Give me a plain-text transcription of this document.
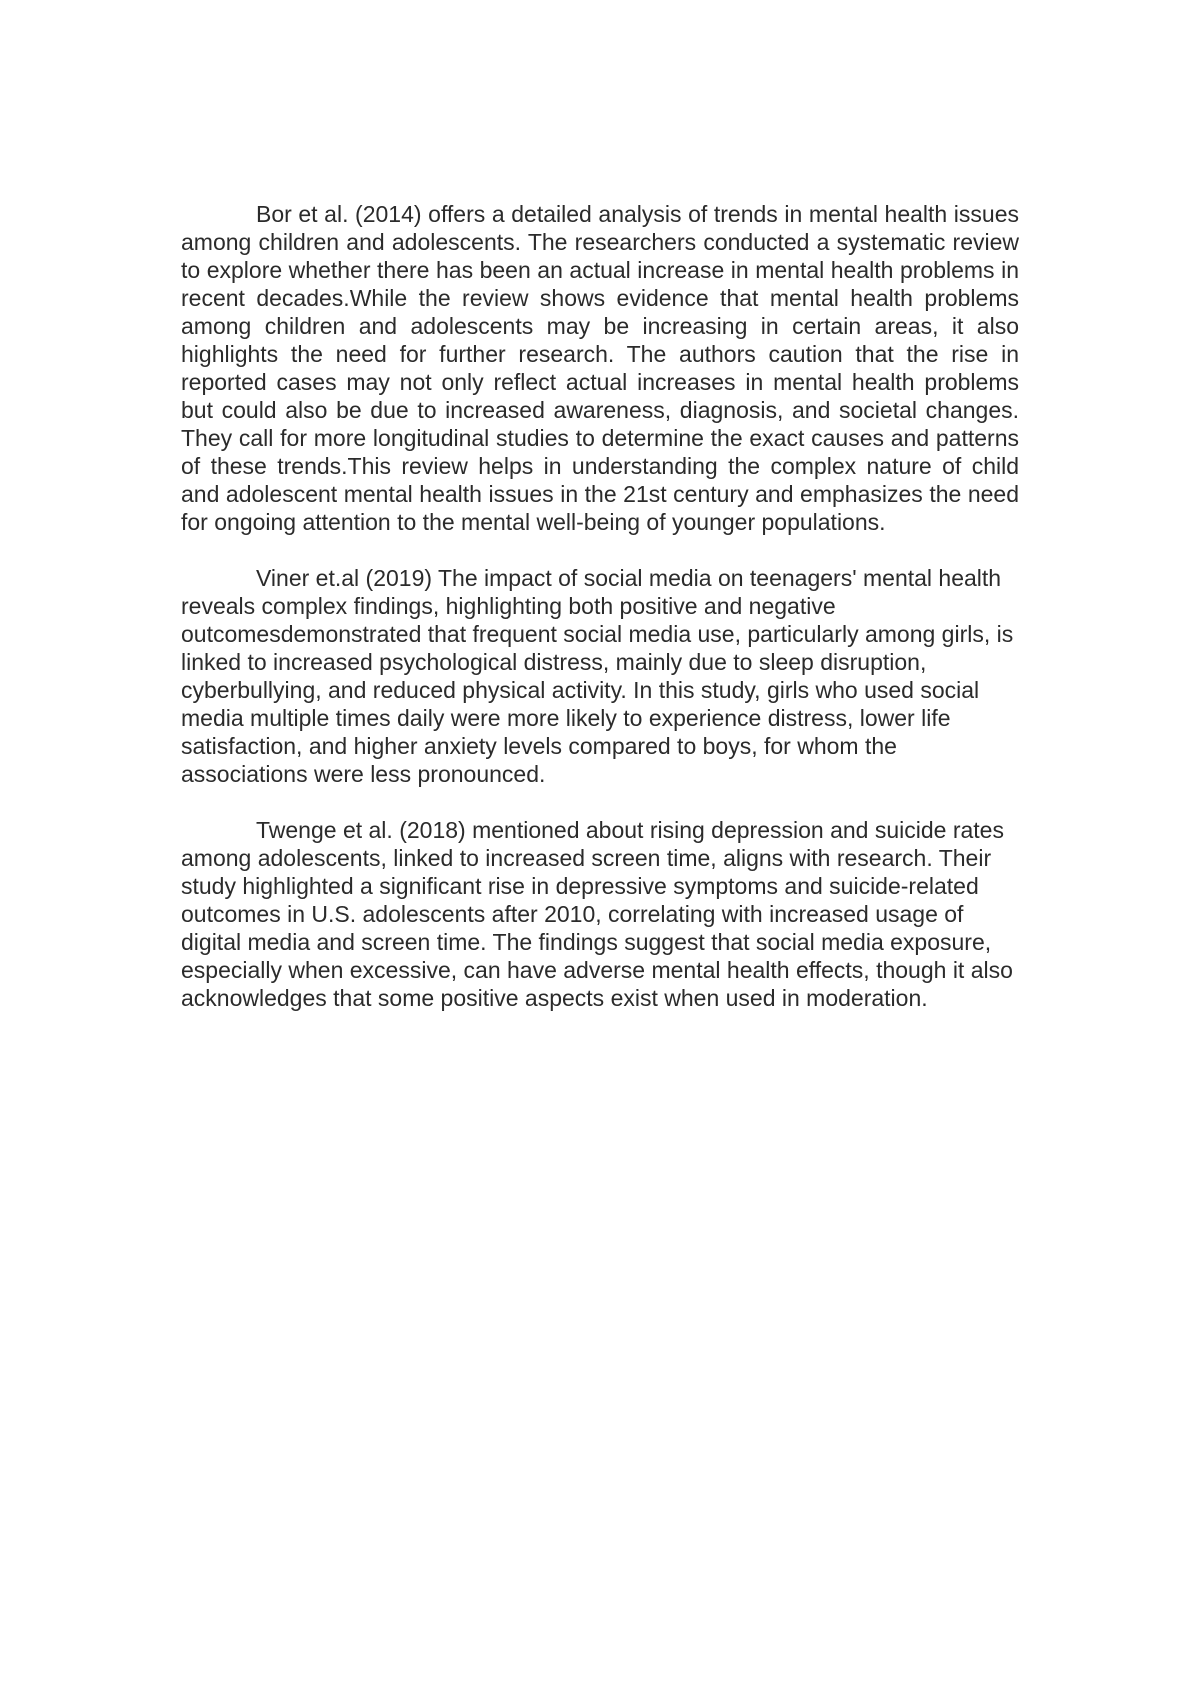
Bor et al. (2014) offers a detailed analysis of trends in mental health issues among children and adolescents. The researchers conducted a systematic review to explore whether there has been an actual increase in mental health problems in recent decades.While the review shows evidence that mental health problems among children and adolescents may be increasing in certain areas, it also highlights the need for further research. The authors caution that the rise in reported cases may not only reflect actual increases in mental health problems but could also be due to increased awareness, diagnosis, and societal changes. They call for more longitudinal studies to determine the exact causes and patterns of these trends.This review helps in understanding the complex nature of child and adolescent mental health issues in the 21st century and emphasizes the need for ongoing attention to the mental well-being of younger populations.

Viner et.al (2019) The impact of social media on teenagers' mental health reveals complex findings, highlighting both positive and negative outcomesdemonstrated that frequent social media use, particularly among girls, is linked to increased psychological distress, mainly due to sleep disruption, cyberbullying, and reduced physical activity. In this study, girls who used social media multiple times daily were more likely to experience distress, lower life satisfaction, and higher anxiety levels compared to boys, for whom the associations were less pronounced.

Twenge et al. (2018) mentioned about rising depression and suicide rates among adolescents, linked to increased screen time, aligns with research. Their study highlighted a significant rise in depressive symptoms and suicide-related outcomes in U.S. adolescents after 2010, correlating with increased usage of digital media and screen time. The findings suggest that social media exposure, especially when excessive, can have adverse mental health effects, though it also acknowledges that some positive aspects exist when used in moderation.
